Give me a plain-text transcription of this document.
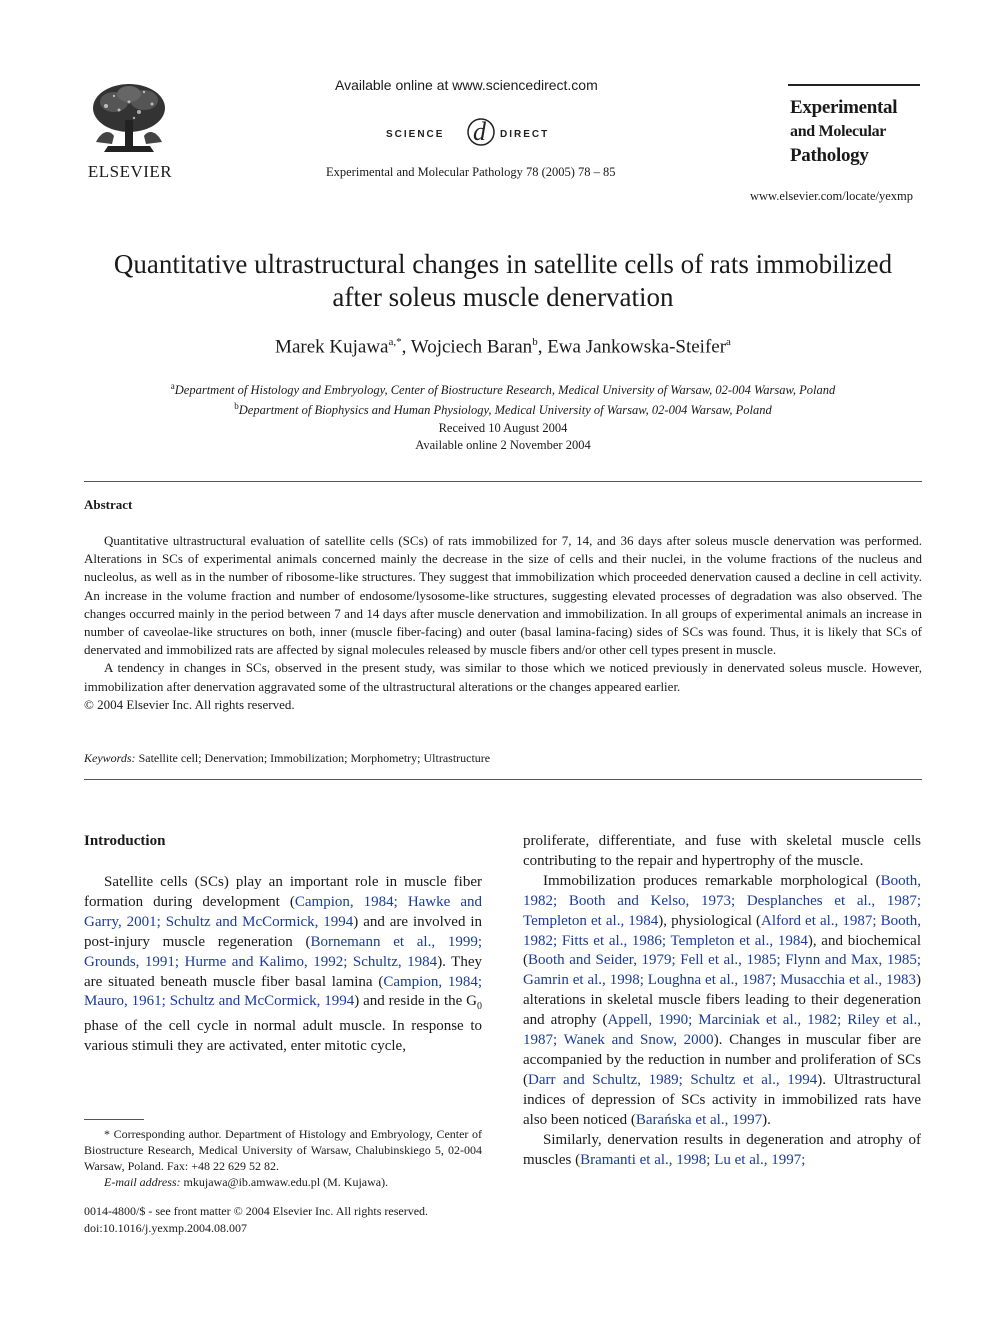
ELSEVIER
Available online at www.sciencedirect.com
SCIENCE d DIRECT
Experimental and Molecular Pathology 78 (2005) 78 – 85
Experimental
and Molecular
Pathology
www.elsevier.com/locate/yexmp
Quantitative ultrastructural changes in satellite cells of rats immobilized
after soleus muscle denervation
Marek Kujawa$^{a,*}$, Wojciech Baran$^b$, Ewa Jankowska-Steifer$^a$
$^a$Department of Histology and Embryology, Center of Biostructure Research, Medical University of Warsaw, 02-004 Warsaw, Poland
$^b$Department of Biophysics and Human Physiology, Medical University of Warsaw, 02-004 Warsaw, Poland
Received 10 August 2004
Available online 2 November 2004
Abstract

Quantitative ultrastructural evaluation of satellite cells (SCs) of rats immobilized for 7, 14, and 36 days after soleus muscle denervation was performed. Alterations in SCs of experimental animals concerned mainly the decrease in the size of cells and their nuclei, in the volume fractions of the nucleus and nucleolus, as well as in the number of ribosome-like structures. They suggest that immobilization which proceeded denervation caused a decline in cell activity. An increase in the volume fraction and number of endosome/lysosome-like structures, suggesting elevated processes of degradation was also observed. The changes occurred mainly in the period between 7 and 14 days after muscle denervation and immobilization. In all groups of experimental animals an increase in number of caveolae-like structures on both, inner (muscle fiber-facing) and outer (basal lamina-facing) sides of SCs was found. Thus, it is likely that SCs of denervated and immobilized rats are affected by signal molecules released by muscle fibers and/or other cell types present in muscle.

A tendency in changes in SCs, observed in the present study, was similar to those which we noticed previously in denervated soleus muscle. However, immobilization after denervation aggravated some of the ultrastructural alterations or the changes appeared earlier.

© 2004 Elsevier Inc. All rights reserved.

Keywords: Satellite cell; Denervation; Immobilization; Morphometry; Ultrastructure
Introduction

Satellite cells (SCs) play an important role in muscle fiber formation during development (Campion, 1984; Hawke and Garry, 2001; Schultz and McCormick, 1994) and are involved in post-injury muscle regeneration (Bornemann et al., 1999; Grounds, 1991; Hurme and Kalimo, 1992; Schultz, 1984). They are situated beneath muscle fiber basal lamina (Campion, 1984; Mauro, 1961; Schultz and McCormick, 1994) and reside in the $G_0$ phase of the cell cycle in normal adult muscle. In response to various stimuli they are activated, enter mitotic cycle,

proliferate, differentiate, and fuse with skeletal muscle cells contributing to the repair and hypertrophy of the muscle.

Immobilization produces remarkable morphological (Booth, 1982; Booth and Kelso, 1973; Desplanches et al., 1987; Templeton et al., 1984), physiological (Alford et al., 1987; Booth, 1982; Fitts et al., 1986; Templeton et al., 1984), and biochemical (Booth and Seider, 1979; Fell et al., 1985; Flynn and Max, 1985; Gamrin et al., 1998; Loughna et al., 1987; Musacchia et al., 1983) alterations in skeletal muscle fibers leading to their degeneration and atrophy (Appell, 1990; Marciniak et al., 1982; Riley et al., 1987; Wanek and Snow, 2000). Changes in muscular fiber are accompanied by the reduction in number and proliferation of SCs (Darr and Schultz, 1989; Schultz et al., 1994). Ultrastructural indices of depression of SCs activity in immobilized rats have also been noticed (Barańska et al., 1997).

Similarly, denervation results in degeneration and atrophy of muscles (Bramanti et al., 1998; Lu et al., 1997;

* Corresponding author. Department of Histology and Embryology, Center of Biostructure Research, Medical University of Warsaw, Chalubinskiego 5, 02-004 Warsaw, Poland. Fax: +48 22 629 52 82.

E-mail address: mkujawa@ib.amwaw.edu.pl (M. Kujawa).

0014-4800/$ - see front matter © 2004 Elsevier Inc. All rights reserved.
doi:10.1016/j.yexmp.2004.08.007
